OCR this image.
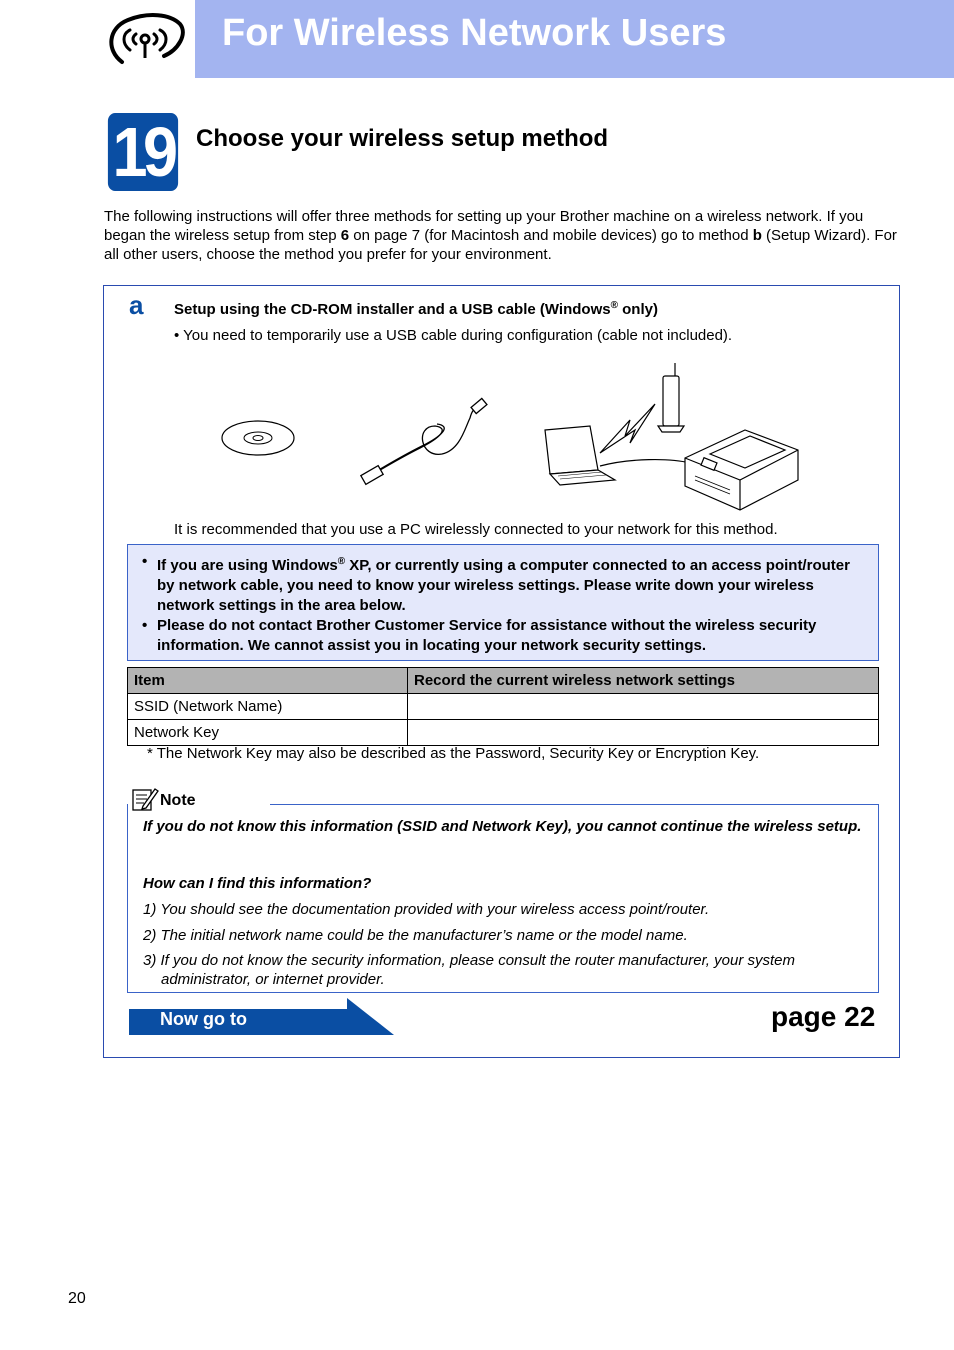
For Wireless Network Users
19 Choose your wireless setup method
The following instructions will offer three methods for setting up your Brother machine on a wireless network. If you began the wireless setup from step 6 on page 7 (for Macintosh and mobile devices) go to method b (Setup Wizard). For all other users, choose the method you prefer for your environment.
a Setup using the CD-ROM installer and a USB cable (Windows® only)
• You need to temporarily use a USB cable during configuration (cable not included).
It is recommended that you use a PC wirelessly connected to your network for this method.
• If you are using Windows® XP, or currently using a computer connected to an access point/router by network cable, you need to know your wireless settings. Please write down your wireless network settings in the area below.
• Please do not contact Brother Customer Service for assistance without the wireless security information. We cannot assist you in locating your network security settings.
Item	Record the current wireless network settings
SSID (Network Name)	
Network Key	
* The Network Key may also be described as the Password, Security Key or Encryption Key.
Note
If you do not know this information (SSID and Network Key), you cannot continue the wireless setup.
How can I find this information?
1) You should see the documentation provided with your wireless access point/router.
2) The initial network name could be the manufacturer’s name or the model name.
3) If you do not know the security information, please consult the router manufacturer, your system administrator, or internet provider.
Now go to	page 22
20
